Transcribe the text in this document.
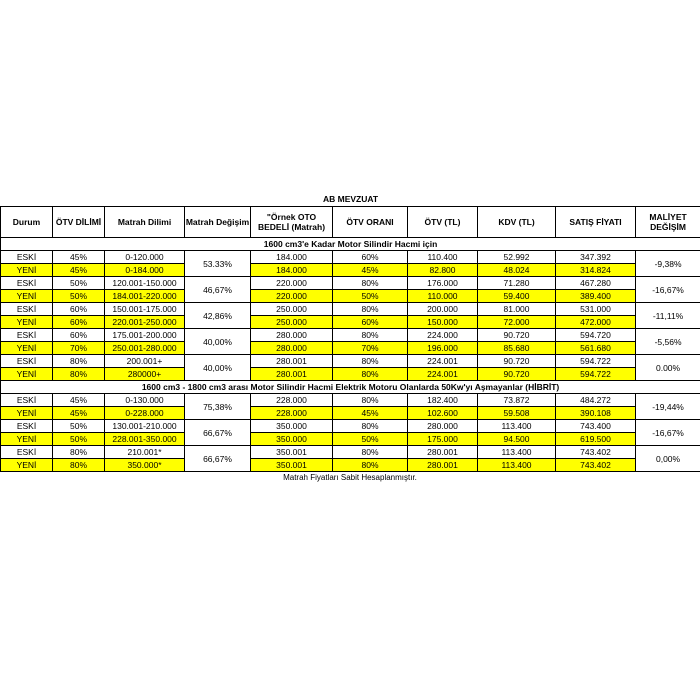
AB MEVZUAT									
Durum	ÖTV DİLİMİ	Matrah Dilimi	Matrah Değişim	"Örnek OTO BEDELİ (Matrah)	ÖTV ORANI	ÖTV (TL)	KDV (TL)	SATIŞ FİYATI	MALİYET DEĞİŞİM
1600 cm3'e Kadar Motor Silindir Hacmi için									
ESKİ	45%	0-120.000	53.33%	184.000	60%	110.400	52.992	347.392	-9,38%
YENİ	45%	0-184.000		184.000	45%	82.800	48.024	314.824	
ESKİ	50%	120.001-150.000	46,67%	220.000	80%	176.000	71.280	467.280	-16,67%
YENİ	50%	184.001-220.000		220.000	50%	110.000	59.400	389.400	
ESKİ	60%	150.001-175.000	42,86%	250.000	80%	200.000	81.000	531.000	-11,11%
YENİ	60%	220.001-250.000		250.000	60%	150.000	72.000	472.000	
ESKİ	60%	175.001-200.000	40,00%	280.000	80%	224.000	90.720	594.720	-5,56%
YENİ	70%	250.001-280.000		280.000	70%	196.000	85.680	561.680	
ESKİ	80%	200.001+	40,00%	280.001	80%	224.001	90.720	594.722	0.00%
YENİ	80%	280000+		280.001	80%	224.001	90.720	594.722	
1600 cm3 - 1800 cm3 arası Motor Silindir Hacmi Elektrik Motoru Olanlarda 50Kw'yı Aşmayanlar (HİBRİT)									
ESKİ	45%	0-130.000	75,38%	228.000	80%	182.400	73.872	484.272	-19,44%
YENİ	45%	0-228.000		228.000	45%	102.600	59.508	390.108	
ESKİ	50%	130.001-210.000	66,67%	350.000	80%	280.000	113.400	743.400	-16,67%
YENİ	50%	228.001-350.000		350.000	50%	175.000	94.500	619.500	
ESKİ	80%	210.001*	66,67%	350.001	80%	280.001	113.400	743.402	0,00%
YENİ	80%	350.000*		350.001	80%	280.001	113.400	743.402	
Matrah Fiyatları Sabit Hesaplanmıştır.
